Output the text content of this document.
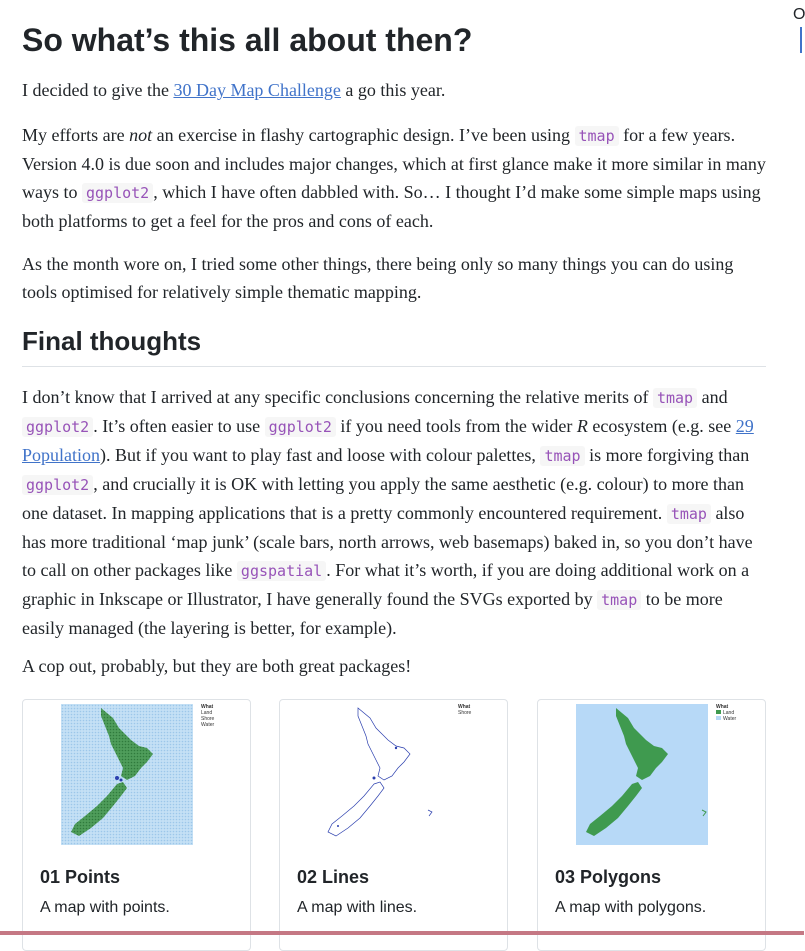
So what’s this all about then?

I decided to give the 30 Day Map Challenge a go this year.

My efforts are not an exercise in flashy cartographic design. I’ve been using tmap for a few years. Version 4.0 is due soon and includes major changes, which at first glance make it more similar in many ways to ggplot2 , which I have often dabbled with. So… I thought I’d make some simple maps using both platforms to get a feel for the pros and cons of each.

As the month wore on, I tried some other things, there being only so many things you can do using tools optimised for relatively simple thematic mapping.

Final thoughts

I don’t know that I arrived at any specific conclusions concerning the relative merits of tmap and ggplot2 . It’s often easier to use ggplot2 if you need tools from the wider R ecosystem (e.g. see 29 Population). But if you want to play fast and loose with colour palettes, tmap is more forgiving than ggplot2 , and crucially it is OK with letting you apply the same aesthetic (e.g. colour) to more than one dataset. In mapping applications that is a pretty commonly encountered requirement. tmap also has more traditional ‘map junk’ (scale bars, north arrows, web basemaps) baked in, so you don’t have to call on other packages like ggspatial . For what it’s worth, if you are doing additional work on a graphic in Inkscape or Illustrator, I have generally found the SVGs exported by tmap to be more easily managed (the layering is better, for example).

A cop out, probably, but they are both great packages!

What
Land
Shore
Water
01 Points

A map with points.

What
Shore
02 Lines

A map with lines.

What
Land
Water
03 Polygons

A map with polygons.

O
